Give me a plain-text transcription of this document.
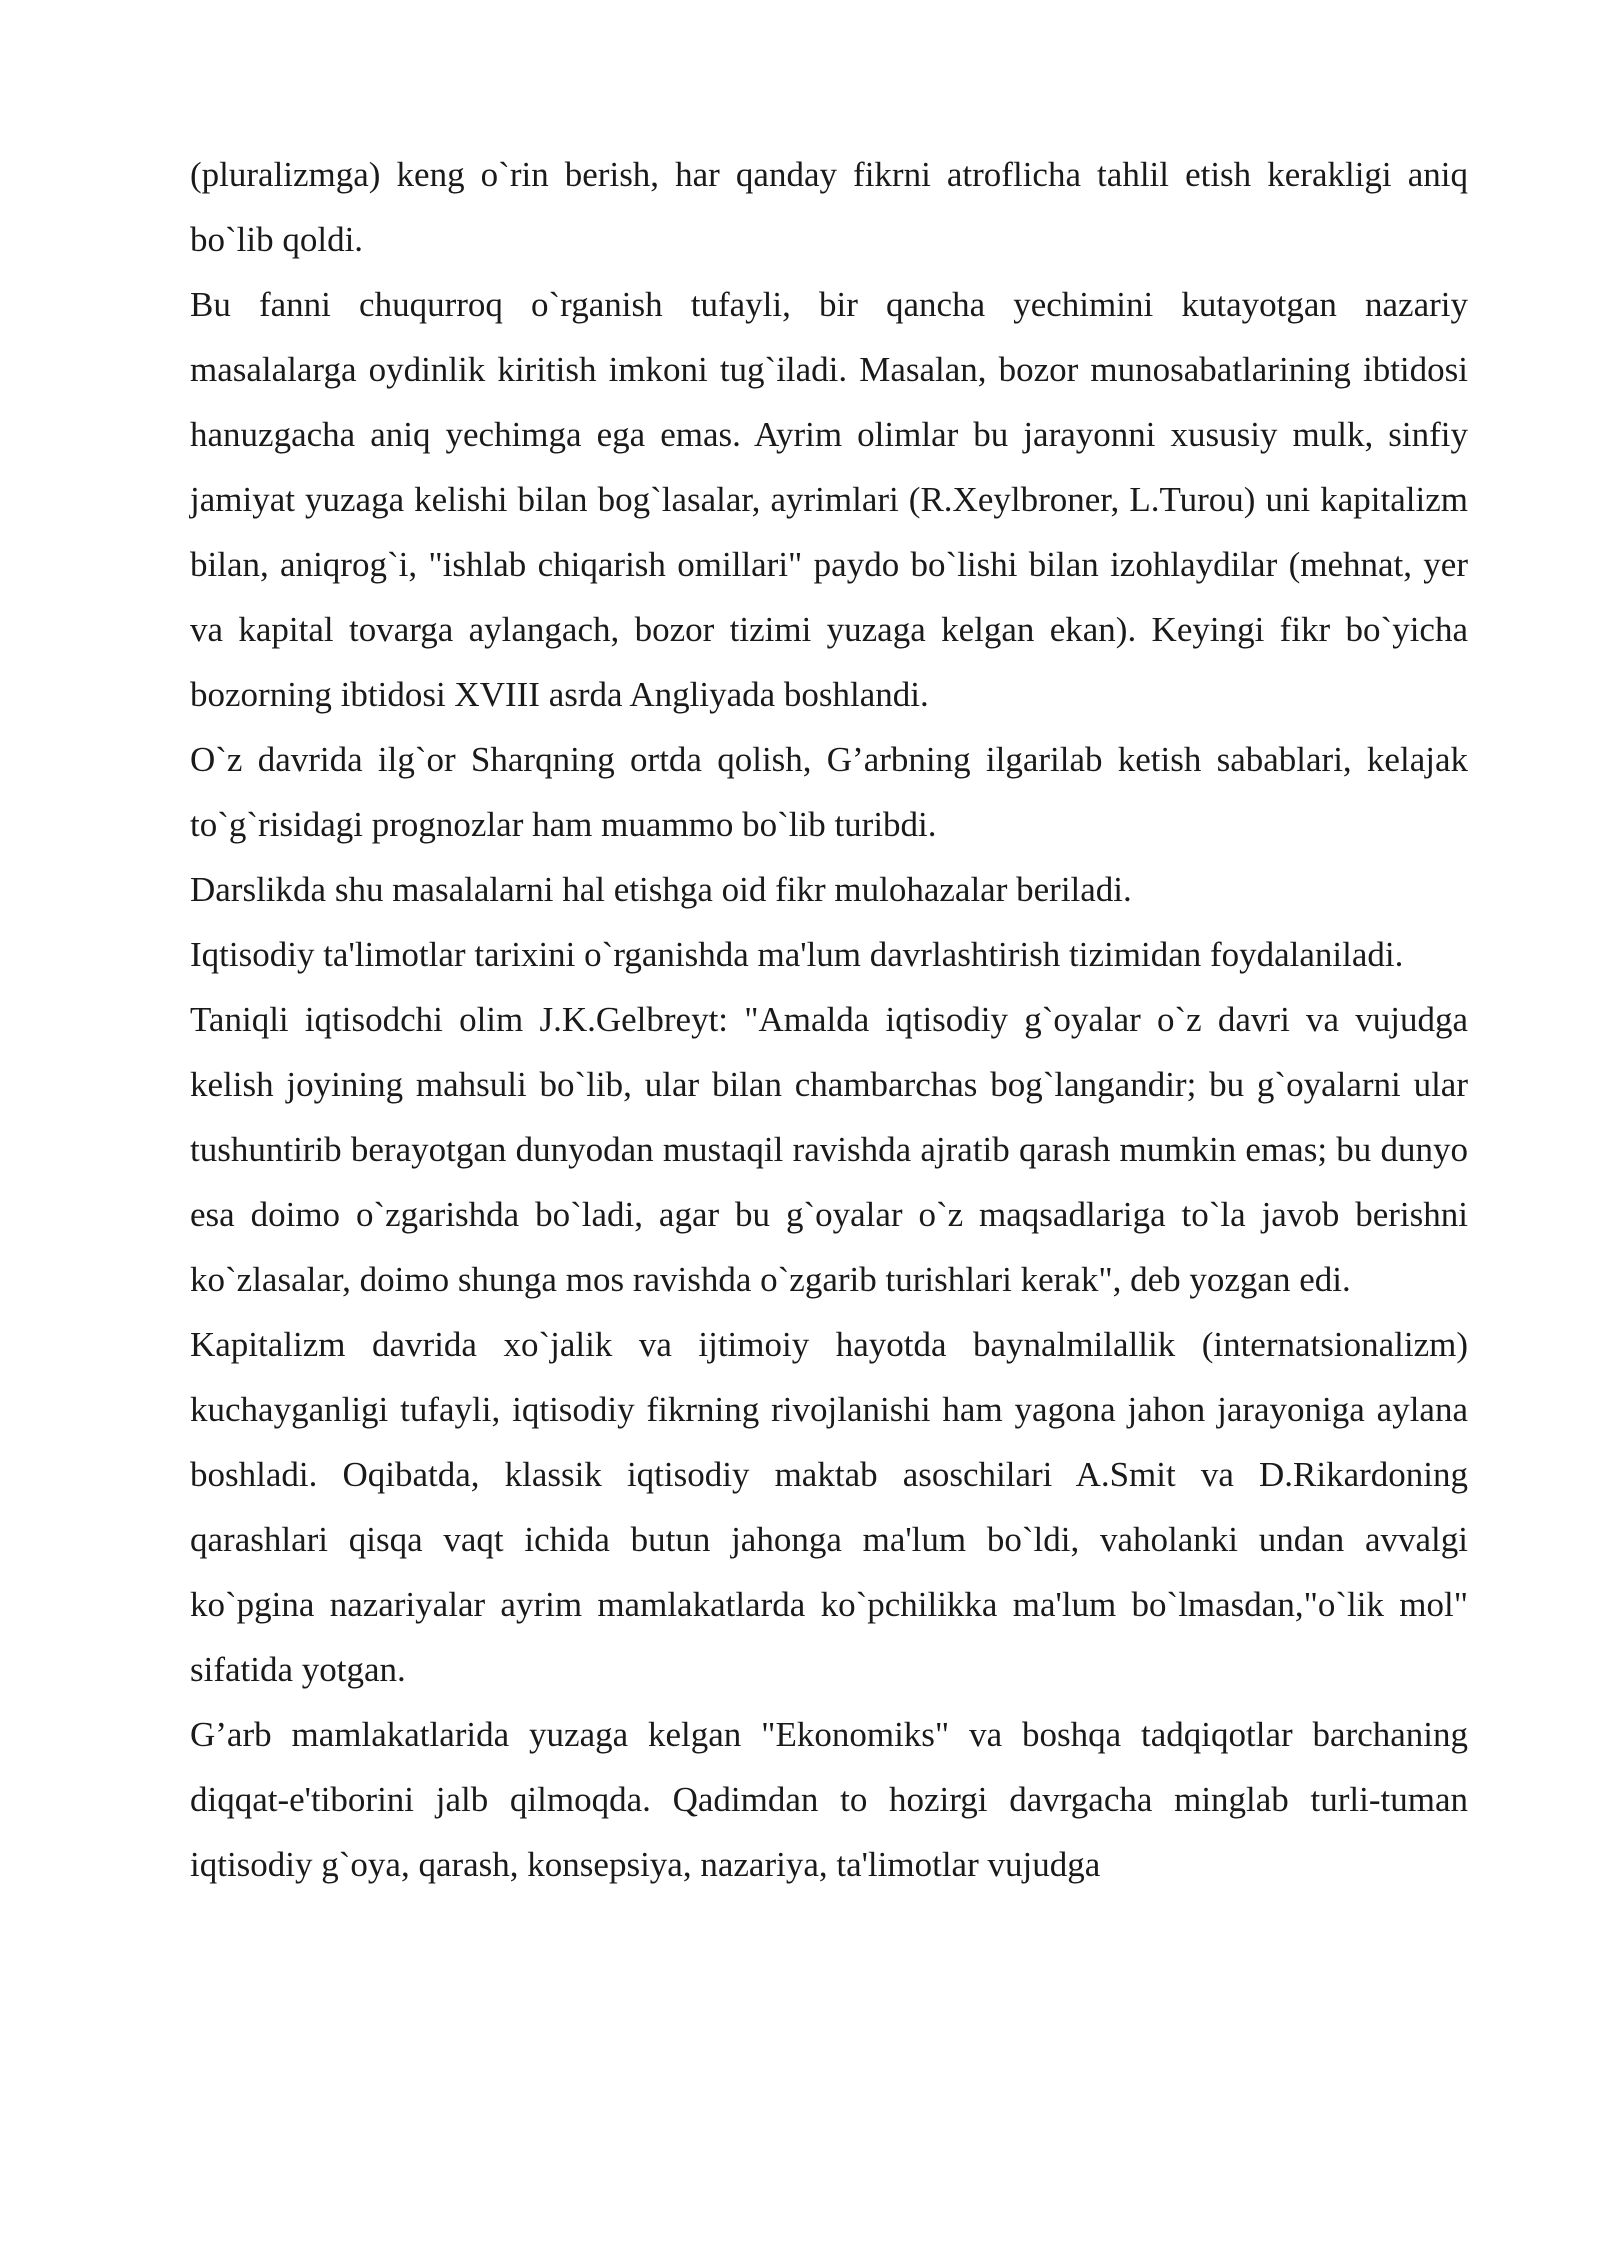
(pluralizmga) keng o`rin berish, har qanday fikrni atroflicha tahlil etish kerakligi aniq bo`lib qoldi.

Bu fanni chuqurroq o`rganish tufayli, bir qancha yechimini kutayotgan nazariy masalalarga oydinlik kiritish imkoni tug`iladi. Masalan, bozor munosabatlarining ibtidosi hanuzgacha aniq yechimga ega emas. Ayrim olimlar bu jarayonni xususiy mulk, sinfiy jamiyat yuzaga kelishi bilan bog`lasalar, ayrimlari (R.Xeylbroner, L.Turou) uni kapitalizm bilan, aniqrog`i, "ishlab chiqarish omillari" paydo bo`lishi bilan izohlaydilar (mehnat, yer va kapital tovarga aylangach, bozor tizimi yuzaga kelgan ekan). Keyingi fikr bo`yicha bozorning ibtidosi XVIII asrda Angliyada boshlandi.

O`z davrida ilg`or Sharqning ortda qolish, G’arbning ilgarilab ketish sabablari, kelajak to`g`risidagi prognozlar ham muammo bo`lib turibdi.

Darslikda shu masalalarni hal etishga oid fikr mulohazalar beriladi.

Iqtisodiy ta'limotlar tarixini o`rganishda ma'lum davrlashtirish tizimidan foydalaniladi.

Taniqli iqtisodchi olim J.K.Gelbreyt: "Amalda iqtisodiy g`oyalar o`z davri va vujudga kelish joyining mahsuli bo`lib, ular bilan chambarchas bog`langandir; bu g`oyalarni ular tushuntirib berayotgan dunyodan mustaqil ravishda ajratib qarash mumkin emas; bu dunyo esa doimo o`zgarishda bo`ladi, agar bu g`oyalar o`z maqsadlariga to`la javob berishni ko`zlasalar, doimo shunga mos ravishda o`zgarib turishlari kerak", deb yozgan edi.

Kapitalizm davrida xo`jalik va ijtimoiy hayotda baynalmilallik (internatsionalizm) kuchayganligi tufayli, iqtisodiy fikrning rivojlanishi ham yagona jahon jarayoniga aylana boshladi. Oqibatda, klassik iqtisodiy maktab asoschilari A.Smit va D.Rikardoning qarashlari qisqa vaqt ichida butun jahonga ma'lum bo`ldi, vaholanki undan avvalgi ko`pgina nazariyalar ayrim mamlakatlarda ko`pchilikka ma'lum bo`lmasdan,"o`lik mol" sifatida yotgan.

G’arb mamlakatlarida yuzaga kelgan "Ekonomiks" va boshqa tadqiqotlar barchaning diqqat-e'tiborini jalb qilmoqda. Qadimdan to hozirgi davrgacha minglab turli-tuman iqtisodiy g`oya, qarash, konsepsiya, nazariya, ta'limotlar vujudga
